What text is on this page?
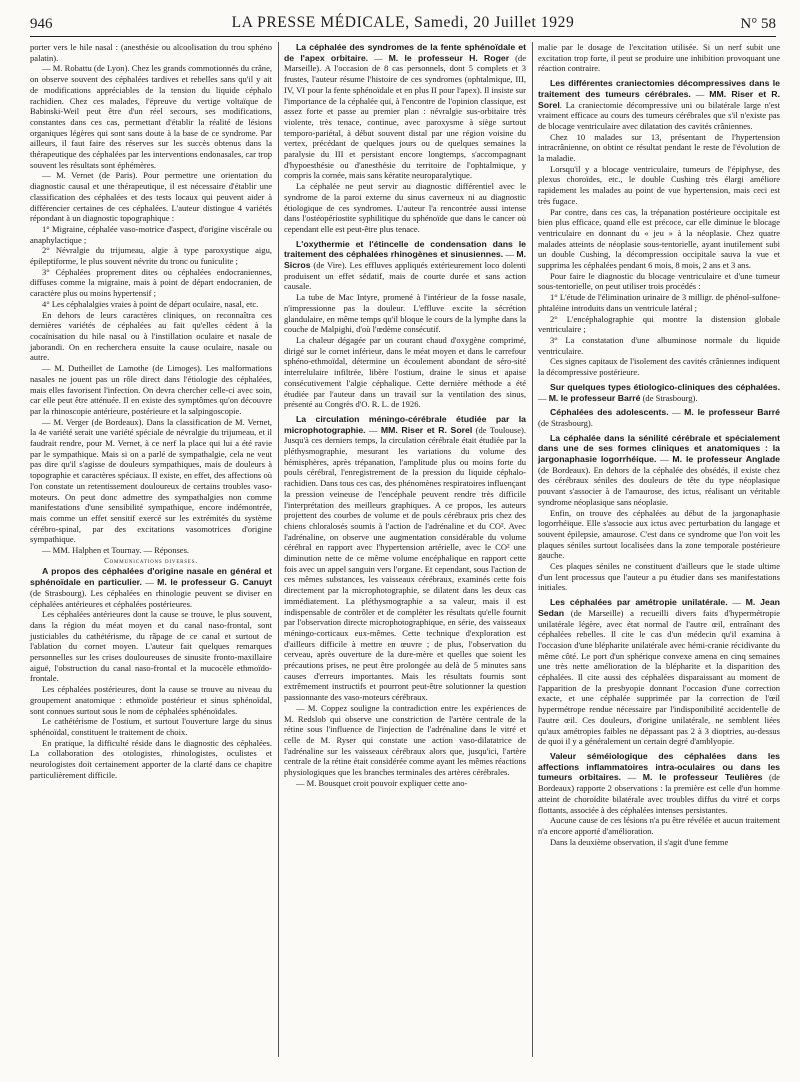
946	LA PRESSE MÉDICALE, Samedi, 20 Juillet 1929	N° 58

porter vers le hile nasal : (anesthésie ou alcoolisation du trou sphéno palatin).

— M. Robattu (de Lyon). Chez les grands commotionnés du crâne, on observe souvent des céphalées tardives et rebelles sans qu'il y ait de modifications appréciables de la tension du liquide céphalo rachidien. Chez ces malades, l'épreuve du vertige voltaïque de Babinski-Weil peut être d'un réel secours, ses modifications, constantes dans ces cas, permettant d'établir la réalité de lésions organiques légères qui sont sans doute à la base de ce syndrome. Par ailleurs, il faut faire des réserves sur les succès obtenus dans la thérapeutique des céphalées par les interventions endonasales, car trop souvent les résultats sont éphémères.

— M. Vernet (de Paris). Pour permettre une orientation du diagnostic causal et une thérapeutique, il est nécessaire d'établir une classification des céphalées et des tests locaux qui peuvent aider à différencier certaines de ces céphalées. L'auteur distingue 4 variétés répondant à un diagnostic topographique :

1° Migraine, céphalée vaso-motrice d'aspect, d'origine viscérale ou anaphylactique ;

2° Névralgie du trijumeau, algie à type paroxystique aigu, épileptiforme, le plus souvent névrite du tronc ou funiculite ;

3° Céphalées proprement dites ou céphalées endocraniennes, diffuses comme la migraine, mais à point de départ endocranien, de caractère plus ou moins hypertensif ;

4° Les céphalalgies vraies à point de départ oculaire, nasal, etc.

En dehors de leurs caractères cliniques, on reconnaîtra ces dernières variétés de céphalées au fait qu'elles cèdent à la cocaïnisation du hile nasal ou à l'instillation oculaire et nasale de jaborandi. On en recherchera ensuite la cause oculaire, nasale ou autre.

— M. Dutheillet de Lamothe (de Limoges). Les malformations nasales ne jouent pas un rôle direct dans l'étiologie des céphalées, mais elles favorisent l'infection. On devra chercher celle-ci avec soin, car elle peut être atténuée. Il en existe des symptômes qu'on découvre par la rhinoscopie antérieure, postérieure et la salpingoscopie.

— M. Verger (de Bordeaux). Dans la classification de M. Vernet, la 4e variété serait une variété spéciale de névralgie du trijumeau, et il faudrait rendre, pour M. Vernet, à ce nerf la place qui lui a été ravie par le sympathique. Mais si on a parlé de sympathalgie, cela ne veut pas dire qu'il s'agisse de douleurs sympathiques, mais de douleurs à topographie et caractères spéciaux. Il existe, en effet, des affections où l'on constate un retentissement douloureux de certains troubles vaso-moteurs. On peut donc admettre des sympathalgies non comme manifestations d'une sensibilité sympathique, encore indémontrée, mais comme un effet sensitif exercé sur les extrémités du système cérébro-spinal, par des excitations vasomotrices d'origine sympathique.

— MM. Halphen et Tournay. — Réponses.

Communications diverses.

A propos des céphalées d'origine nasale en général et sphénoïdale en particulier. — M. le professeur G. Canuyt (de Strasbourg). Les céphalées en rhinologie peuvent se diviser en céphalées antérieures et céphalées postérieures.

Les céphalées antérieures dont la cause se trouve, le plus souvent, dans la région du méat moyen et du canal naso-frontal, sont justiciables du cathétérisme, du râpage de ce canal et surtout de l'ablation du cornet moyen. L'auteur fait quelques remarques personnelles sur les crises douloureuses de sinusite fronto-maxillaire aiguë, l'obstruction du canal naso-frontal et la mucocèle ethmoïdo-frontale.

Les céphalées postérieures, dont la cause se trouve au niveau du groupement anatomique : ethmoïde postérieur et sinus sphénoïdal, sont connues surtout sous le nom de céphalées sphénoïdales.

Le cathétérisme de l'ostium, et surtout l'ouverture large du sinus sphénoïdal, constituent le traitement de choix.

En pratique, la difficulté réside dans le diagnostic des céphalées. La collaboration des otologistes, rhinologistes, oculistes et neurologistes doit certainement apporter de la clarté dans ce chapitre particulièrement difficile.

La céphalée des syndromes de la fente sphénoïdale et de l'apex orbitaire. — M. le professeur H. Roger (de Marseille). A l'occasion de 8 cas personnels, dont 5 complets et 3 frustes, l'auteur résume l'histoire de ces syndromes (ophtalmique, III, IV, VI pour la fente sphénoïdale et en plus II pour l'apex). Il insiste sur l'importance de la céphalée qui, à l'encontre de l'opinion classique, est assez forte et passe au premier plan : névralgie sus-orbitaire très violente, très tenace, continue, avec paroxysme à siège surtout temporo-pariétal, à début souvent distal par une région voisine du vertex, précédant de quelques jours ou de quelques semaines la paralysie du III et persistant encore longtemps, s'accompagnant d'hypoesthésie ou d'anesthésie du territoire de l'ophtalmique, y compris la cornée, mais sans kératite neuroparalytique.

La céphalée ne peut servir au diagnostic différentiel avec le syndrome de la paroi externe du sinus caverneux ni au diagnostic étiologique de ces syndromes. L'auteur l'a rencontrée aussi intense dans l'ostéopériostite syphilitique du sphénoïde que dans le cancer où cependant elle est peut-être plus tenace.

L'oxythermie et l'étincelle de condensation dans le traitement des céphalées rhinogènes et sinusiennes. — M. Sicros (de Vire). Les effluves appliqués extérieurement loco dolenti produisent un effet sédatif, mais de courte durée et sans action causale.

La tube de Mac Intyre, promené à l'intérieur de la fosse nasale, n'impressionne pas la douleur. L'effluve excite la sécrétion glandulaire, en même temps qu'il bloque le cours de la lymphe dans la couche de Malpighi, d'où l'œdème consécutif.

La chaleur dégagée par un courant chaud d'oxygène comprimé, dirigé sur le cornet inférieur, dans le méat moyen et dans le carrefour sphéno-ethmoïdal, détermine un écoulement abondant de séro-sité interrelulaire infiltrée, libère l'ostium, draine le sinus et apaise consécutivement l'algie céphalique. Cette dernière méthode a été étudiée par l'auteur dans un travail sur la ventilation des sinus, présenté au Congrès d'O. R. L. de 1926.

La circulation méningo-cérébrale étudiée par la microphotographie. — MM. Riser et R. Sorel (de Toulouse). Jusqu'à ces derniers temps, la circulation cérébrale était étudiée par la pléthysmographie, mesurant les variations du volume des hémisphères, après trépanation, l'amplitude plus ou moins forte du pouls cérébral, l'enregistrement de la pression du liquide céphalo-rachidien. Dans tous ces cas, des phénomènes respiratoires influençant la pression veineuse de l'encéphale peuvent rendre très difficile l'interprétation des meilleurs graphiques. A ce propos, les auteurs projettent des courbes de volume et de pouls cérébraux pris chez des chiens chloralosés soumis à l'action de l'adrénaline et du CO². Avec l'adrénaline, on observe une augmentation considérable du volume cérébral en rapport avec l'hypertension artérielle, avec le CO² une diminution nette de ce même volume encéphalique en rapport cette fois avec un appel sanguin vers l'organe. Et cependant, sous l'action de ces mêmes substances, les vaisseaux cérébraux, examinés cette fois directement par la microphotographie, se dilatent dans les deux cas immédiatement. La pléthysmographie a sa valeur, mais il est indispensable de contrôler et de compléter les résultats qu'elle fournit par l'observation directe microphotographique, en série, des vaisseaux méningo-corticaux eux-mêmes. Cette technique d'exploration est d'ailleurs difficile à mettre en œuvre ; de plus, l'observation du cerveau, après ouverture de la dure-mère et quelles que soient les précautions prises, ne peut être prolongée au delà de 5 minutes sans causes d'erreurs importantes. Mais les résultats fournis sont extrêmement instructifs et pourront peut-être solutionner la question passionnante des vaso-moteurs cérébraux.

— M. Coppez souligne la contradiction entre les expériences de M. Redslob qui observe une constriction de l'artère centrale de la rétine sous l'influence de l'injection de l'adrénaline dans le vitré et celle de M. Ryser qui constate une action vaso-dilatatrice de l'adrénaline sur les vaisseaux cérébraux alors que, jusqu'ici, l'artère centrale de la rétine était considérée comme ayant les mêmes réactions physiologiques que les branches terminales des artères cérébrales.

— M. Bousquet croit pouvoir expliquer cette ano-

malie par le dosage de l'excitation utilisée. Si un nerf subit une excitation trop forte, il peut se produire une inhibition provoquant une réaction contraire.

Les différentes craniectomies décompressives dans le traitement des tumeurs cérébrales. — MM. Riser et R. Sorel. La craniectomie décompressive uni ou bilatérale large n'est vraiment efficace au cours des tumeurs cérébrales que s'il n'existe pas de blocage ventriculaire avec dilatation des cavités crâniennes.

Chez 10 malades sur 13, présentant de l'hypertension intracrânienne, on obtint ce résultat pendant le reste de l'évolution de la maladie.

Lorsqu'il y a blocage ventriculaire, tumeurs de l'épiphyse, des plexus choroïdes, etc., le double Cushing très élargi améliore rapidement les malades au point de vue hypertension, mais ceci est très fugace.

Par contre, dans ces cas, la trépanation postérieure occipitale est bien plus efficace, quand elle est précoce, car elle diminue le blocage ventriculaire en donnant du « jeu » à la néoplasie. Chez quatre malades atteints de néoplasie sous-tentorielle, ayant inutilement subi un double Cushing, la décompression occipitale sauva la vue et supprima les céphalées pendant 6 mois, 8 mois, 2 ans et 3 ans.

Pour faire le diagnostic du blocage ventriculaire et d'une tumeur sous-tentorielle, on peut utiliser trois procédés :

1° L'étude de l'élimination urinaire de 3 milligr. de phénol-sulfone-phtaléine introduits dans un ventricule latéral ;

2° L'encéphalographie qui montre la distension globale ventriculaire ;

3° La constatation d'une albuminose normale du liquide ventriculaire.

Ces signes capitaux de l'isolement des cavités crâniennes indiquent la décompressive postérieure.

Sur quelques types étiologico-cliniques des céphalées. — M. le professeur Barré (de Strasbourg).

Céphalées des adolescents. — M. le professeur Barré (de Strasbourg).

La céphalée dans la sénilité cérébrale et spécialement dans une de ses formes cliniques et anatomiques : la jargonaphasie logorrhéique. — M. le professeur Anglade (de Bordeaux). En dehors de la céphalée des obsédés, il existe chez des cérébraux séniles des douleurs de tête du type néoplasique pouvant s'associer à de l'amaurose, des ictus, réalisant un véritable syndrome néoplasique sans néoplasie.

Enfin, on trouve des céphalées au début de la jargonaphasie logorrhéique. Elle s'associe aux ictus avec perturbation du langage et souvent épilepsie, amaurose. C'est dans ce syndrome que l'on voit les plaques séniles surtout localisées dans la zone temporale postérieure gauche.

Ces plaques séniles ne constituent d'ailleurs que le stade ultime d'un lent processus que l'auteur a pu étudier dans ses manifestations initiales.

Les céphalées par amétropie unilatérale. — M. Jean Sedan (de Marseille) a recueilli divers faits d'hypermétropie unilatérale légère, avec état normal de l'autre œil, entraînant des céphalées rebelles. Il cite le cas d'un médecin qu'il examina à l'occasion d'une blépharite unilatérale avec hémi-cranie récidivante du même côté. Le port d'un sphérique convexe amena en cinq semaines une très nette amélioration de la blépharite et la disparition des céphalées. Il cite aussi des céphalées disparaissant au moment de l'apparition de la presbyopie donnant l'occasion d'une correction exacte, et une céphalée supprimée par la correction de l'œil hypermétrope rendue nécessaire par l'indisponibilité accidentelle de l'autre œil. Ces douleurs, d'origine unilatérale, ne semblent liées qu'aux amétropies faibles ne dépassant pas 2 à 3 dioptries, au-dessus de quoi il y a généralement un certain degré d'amblyopie.

Valeur séméiologique des céphalées dans les affections inflammatoires intra-oculaires ou dans les tumeurs orbitaires. — M. le professeur Teulières (de Bordeaux) rapporte 2 observations : la première est celle d'un homme atteint de choroïdite bilatérale avec troubles diffus du vitré et corps flottants, associée à des céphalées intenses persistantes.

Aucune cause de ces lésions n'a pu être révélée et aucun traitement n'a encore apporté d'amélioration.

Dans la deuxième observation, il s'agit d'une femme
